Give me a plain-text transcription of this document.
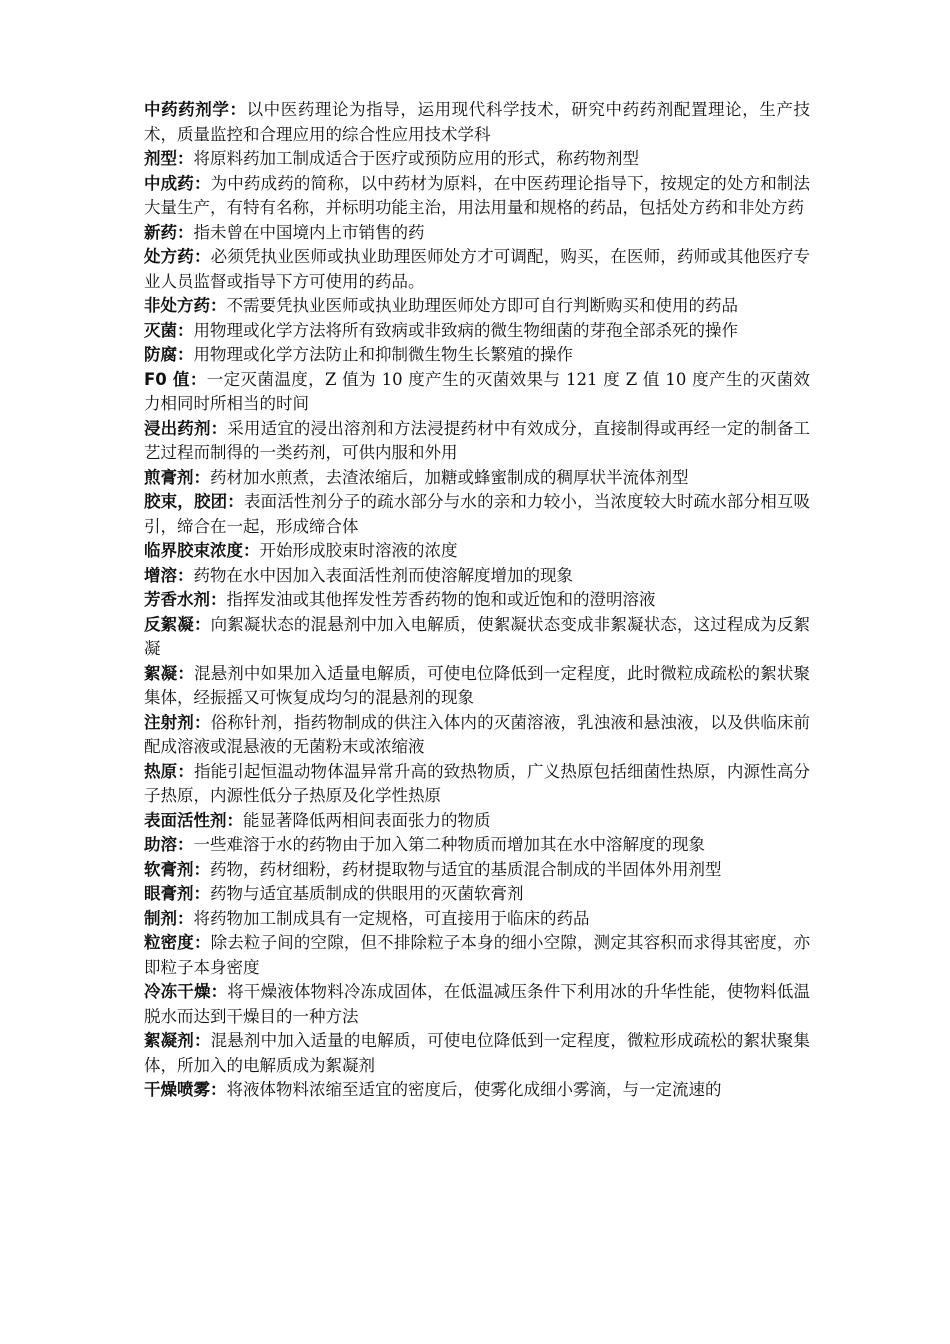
中药药剂学：以中医药理论为指导，运用现代科学技术，研究中药药剂配置理论，生产技术，质量监控和合理应用的综合性应用技术学科

剂型：将原料药加工制成适合于医疗或预防应用的形式，称药物剂型

中成药：为中药成药的简称，以中药材为原料，在中医药理论指导下，按规定的处方和制法大量生产，有特有名称，并标明功能主治，用法用量和规格的药品，包括处方药和非处方药

新药：指未曾在中国境内上市销售的药

处方药：必须凭执业医师或执业助理医师处方才可调配，购买，在医师，药师或其他医疗专业人员监督或指导下方可使用的药品。

非处方药：不需要凭执业医师或执业助理医师处方即可自行判断购买和使用的药品

灭菌：用物理或化学方法将所有致病或非致病的微生物细菌的芽孢全部杀死的操作

防腐：用物理或化学方法防止和抑制微生物生长繁殖的操作

F0 值：一定灭菌温度，Z 值为 10 度产生的灭菌效果与 121 度 Z 值 10 度产生的灭菌效力相同时所相当的时间

浸出药剂：采用适宜的浸出溶剂和方法浸提药材中有效成分，直接制得或再经一定的制备工艺过程而制得的一类药剂，可供内服和外用

煎膏剂：药材加水煎煮，去渣浓缩后，加糖或蜂蜜制成的稠厚状半流体剂型

胶束，胶团：表面活性剂分子的疏水部分与水的亲和力较小，当浓度较大时疏水部分相互吸引，缔合在一起，形成缔合体

临界胶束浓度：开始形成胶束时溶液的浓度

增溶：药物在水中因加入表面活性剂而使溶解度增加的现象

芳香水剂：指挥发油或其他挥发性芳香药物的饱和或近饱和的澄明溶液

反絮凝：向絮凝状态的混悬剂中加入电解质，使絮凝状态变成非絮凝状态，这过程成为反絮凝

絮凝：混悬剂中如果加入适量电解质，可使电位降低到一定程度，此时微粒成疏松的絮状聚集体，经振摇又可恢复成均匀的混悬剂的现象

注射剂：俗称针剂，指药物制成的供注入体内的灭菌溶液，乳浊液和悬浊液，以及供临床前配成溶液或混悬液的无菌粉末或浓缩液

热原：指能引起恒温动物体温异常升高的致热物质，广义热原包括细菌性热原，内源性高分子热原，内源性低分子热原及化学性热原

表面活性剂：能显著降低两相间表面张力的物质

助溶：一些难溶于水的药物由于加入第二种物质而增加其在水中溶解度的现象

软膏剂：药物，药材细粉，药材提取物与适宜的基质混合制成的半固体外用剂型

眼膏剂：药物与适宜基质制成的供眼用的灭菌软膏剂

制剂：将药物加工制成具有一定规格，可直接用于临床的药品

粒密度：除去粒子间的空隙，但不排除粒子本身的细小空隙，测定其容积而求得其密度，亦即粒子本身密度

冷冻干燥：将干燥液体物料冷冻成固体，在低温减压条件下利用冰的升华性能，使物料低温脱水而达到干燥目的一种方法

絮凝剂：混悬剂中加入适量的电解质，可使电位降低到一定程度，微粒形成疏松的絮状聚集体，所加入的电解质成为絮凝剂

干燥喷雾：将液体物料浓缩至适宜的密度后，使雾化成细小雾滴，与一定流速的
